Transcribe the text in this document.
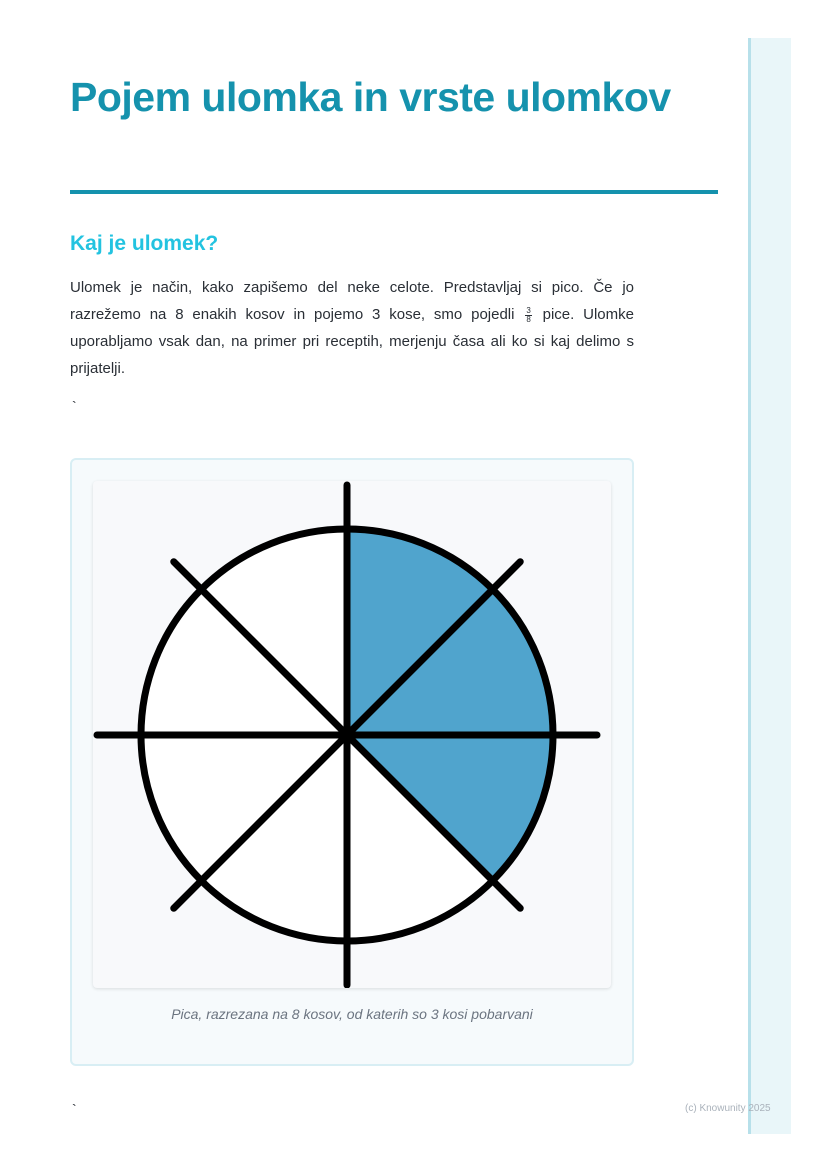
Pojem ulomka in vrste ulomkov
Kaj je ulomek?

Ulomek je način, kako zapišemo del neke celote. Predstavljaj si pico. Če jo razrežemo na 8 enakih kosov in pojemo 3 kose, smo pojedli $\frac{3}{8}$ pice. Ulomke uporabljamo vsak dan, na primer pri receptih, merjenju časa ali ko si kaj delimo s prijatelji.

`
Pica, razrezana na 8 kosov, od katerih so 3 kosi pobarvani
`	(c) Knowunity 2025
